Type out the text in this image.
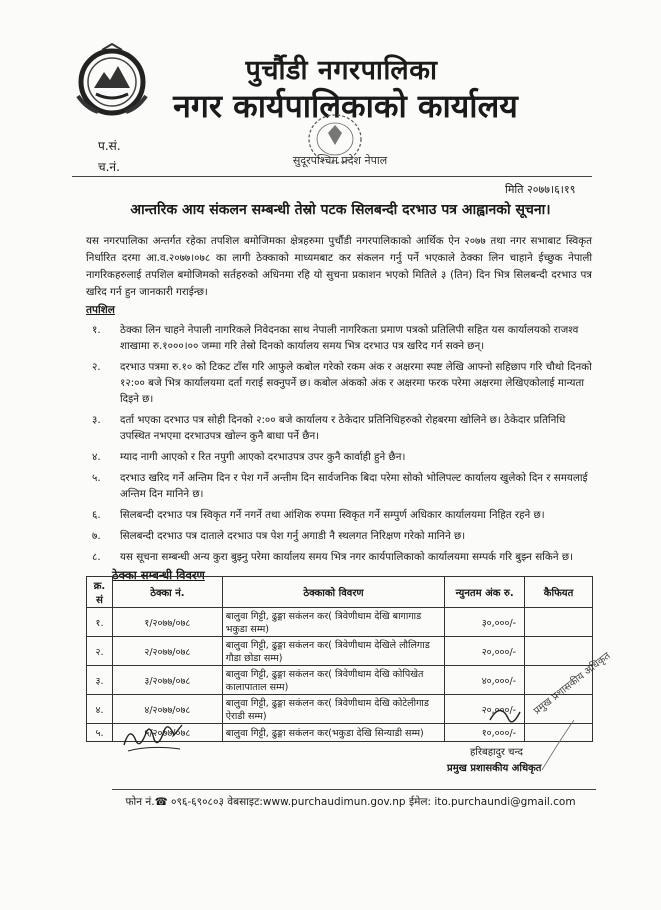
पुर्चौडी नगरपालिका
नगर कार्यपालिकाको कार्यालय
प.सं.
च.नं.	सुदूरपश्चिम प्रदेश नेपाल
मिति २०७७।६।१९
आन्तरिक आय संकलन सम्बन्धी तेस्रो पटक सिलबन्दी दरभाउ पत्र आह्वानको सूचना।
यस नगरपालिका अन्तर्गत रहेका तपशिल बमोजिमका क्षेत्रहरुमा पुर्चौडी नगरपालिकाको आर्थिक ऐन २०७७ तथा नगर सभाबाट स्विकृत निर्धारित दरमा आ.व.२०७७।०७८ का लागी ठेक्काको माध्यमबाट कर संकलन गर्नु पर्ने भएकाले ठेक्का लिन चाहाने ईच्छुक नेपाली नागरिकहरुलाई तपशिल बमोजिमको सर्तहरुको अधिनमा रहि यो सुचना प्रकाशन भएको मितिले ३ (तिन) दिन भित्र सिलबन्दी दरभाउ पत्र खरिद गर्न हुन जानकारी गराईन्छ।
तपशिल
१.	ठेक्का लिन चाहने नेपाली नागरिकले निवेदनका साथ नेपाली नागरिकता प्रमाण पत्रको प्रतिलिपी सहित यस कार्यालयको राजश्व शाखामा रु.१०००।०० जम्मा गरि तेस्रो दिनको कार्यालय समय भित्र दरभाउ पत्र खरिद गर्न सक्ने छन्।
२.	दरभाउ पत्रमा रु.१० को टिकट टाँस गरि आफुले कबोल गरेको रकम अंक र अक्षरमा स्पष्ट लेखि आफ्नो सहिछाप गरि चौथो दिनको १२:०० बजे भित्र कार्यालयमा दर्ता गराई सक्नुपर्ने छ। कबोल अंकको अंक र अक्षरमा फरक परेमा अक्षरमा लेखिएकोलाई मान्यता दिइने छ।
३.	दर्ता भएका दरभाउ पत्र सोही दिनको २:०० बजे कार्यालय र ठेकेदार प्रतिनिधिहरुको रोहबरमा खोलिने छ। ठेकेदार प्रतिनिधि उपस्थित नभएमा दरभाउपत्र खोल्न कुनै बाधा पर्ने छैन।
४.	म्याद नागी आएको र रित नपुगी आएको दरभाउपत्र उपर कुनै कार्वाही हुने छैन।
५.	दरभाउ खरिद गर्ने अन्तिम दिन र पेश गर्ने अन्तीम दिन सार्वजनिक बिदा परेमा सोको भोलिपल्ट कार्यालय खुलेको दिन र समयलाई अन्तिम दिन मानिने छ।
६.	सिलबन्दी दरभाउ पत्र स्विकृत गर्ने नगर्ने तथा आंशिक रुपमा स्विकृत गर्ने सम्पुर्ण अधिकार कार्यालयमा निहित रहने छ।
७.	सिलबन्दी दरभाउ पत्र दाताले दरभाउ पत्र पेश गर्नु अगाडी नै स्थलगत निरिक्षण गरेको मानिने छ।
८.	यस सूचना सम्बन्धी अन्य कुरा बुझ्नु परेमा कार्यालय समय भित्र नगर कार्यपालिकाको कार्यालयमा सम्पर्क गरि बुझ्न सकिने छ।
ठेक्का सम्बन्धी विवरण
क्र. सं	ठेक्का नं.	ठेक्काको विवरण	न्युनतम अंक रु.	कैफियत
१.	१/२०७७/०७८	बालुवा गिट्टी, ढुङ्गा सकंलन कर( त्रिवेणीधाम देखि बागागाड भकुडा सम्म)	३०,०००/-	
२.	२/२०७७/०७८	बालुवा गिट्टी, ढुङ्गा सकंलन कर( त्रिवेणीधाम देखिले लौलिगाड गौडा छोडा सम्म)	२०,०००/-	
३.	३/२०७७/०७८	बालुवा गिट्टी, ढुङ्गा सकंलन कर( त्रिवेणीधाम देखि कोपिखेत कालापाताल सम्म)	४०,०००/-	
४.	४/२०७७/०७८	बालुवा गिट्टी, ढुङ्गा सकंलन कर( त्रिवेणीधाम देखि कोटेलीगाड ऐराडी सम्म)	२०,०००/-	
५.	५/२०७७/०७८	बालुवा गिट्टी, ढुङ्गा सकंलन कर(भकुडा देखि सिन्याडी सम्म)	१०,०००/-	
प्रमुख प्रशासकीय अधिकृत
हरिबहादुर चन्द
प्रमुख प्रशासकीय अधिकृत
फोन नं.☎ ०९६-६९०८०३ वेबसाइट:www.purchaudimun.gov.np ईमेल: ito.purchaundi@gmail.com
